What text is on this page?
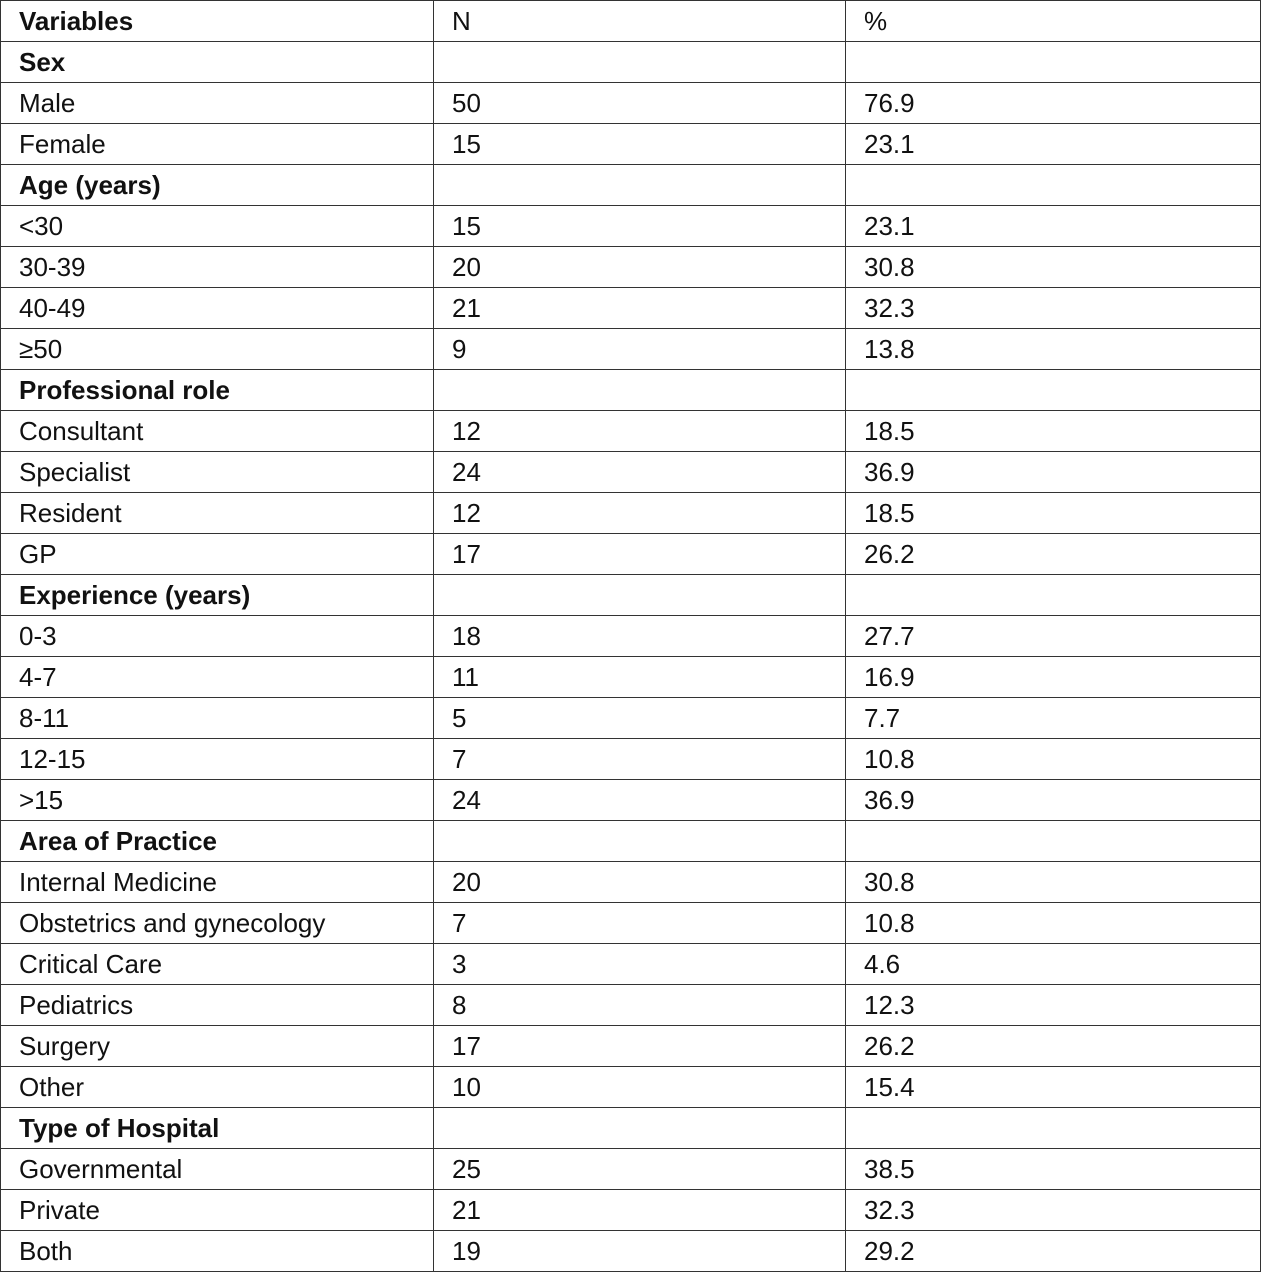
Variables	N	%
Sex		
Male	50	76.9
Female	15	23.1
Age (years)		
<30	15	23.1
30-39	20	30.8
40-49	21	32.3
≥50	9	13.8
Professional role		
Consultant	12	18.5
Specialist	24	36.9
Resident	12	18.5
GP	17	26.2
Experience (years)		
0-3	18	27.7
4-7	11	16.9
8-11	5	7.7
12-15	7	10.8
>15	24	36.9
Area of Practice		
Internal Medicine	20	30.8
Obstetrics and gynecology	7	10.8
Critical Care	3	4.6
Pediatrics	8	12.3
Surgery	17	26.2
Other	10	15.4
Type of Hospital		
Governmental	25	38.5
Private	21	32.3
Both	19	29.2
